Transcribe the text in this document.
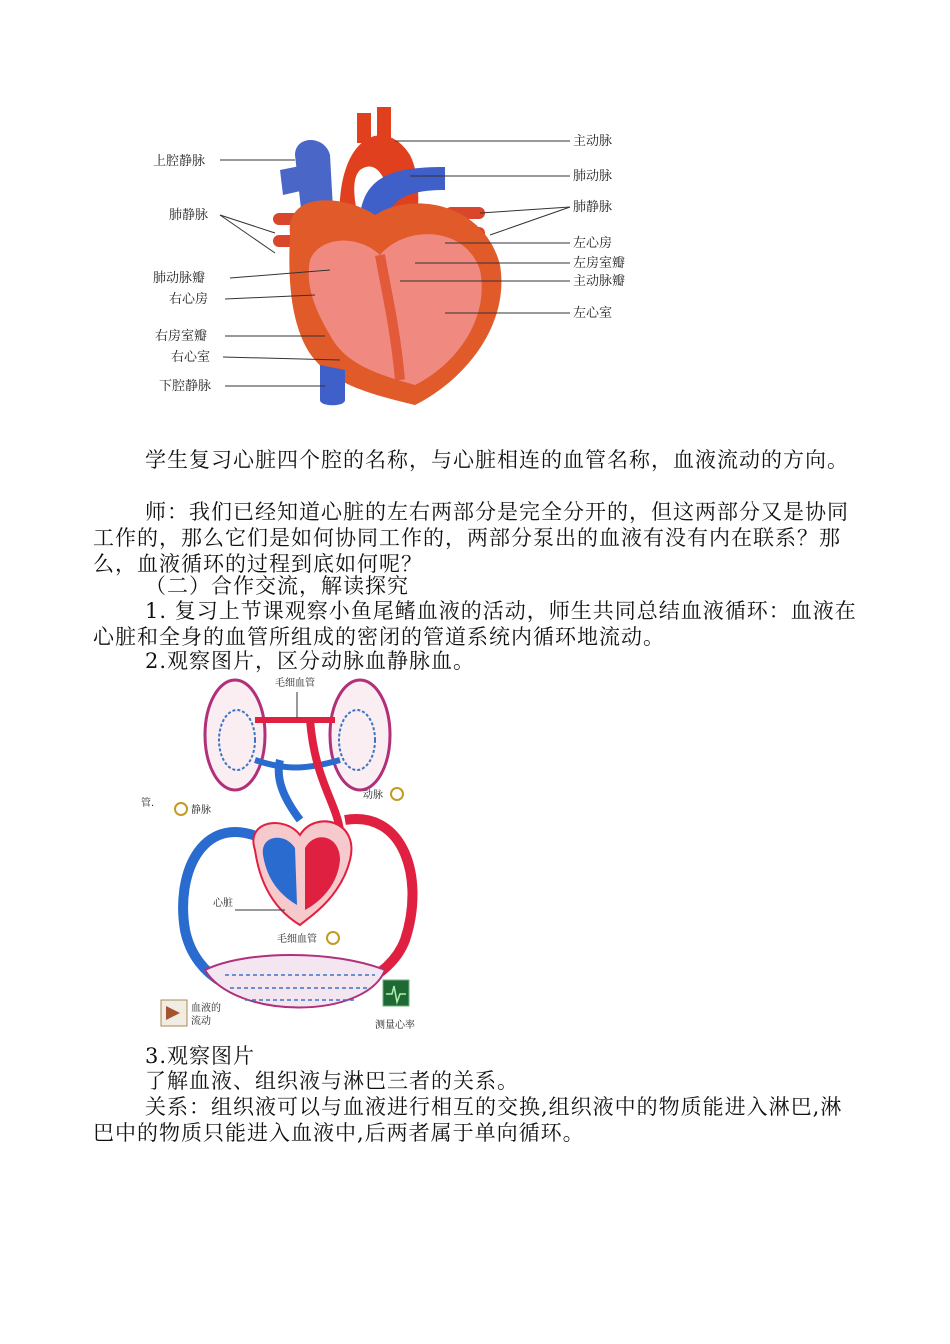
上腔静脉
肺静脉
肺动脉瓣
右心房
右房室瓣
右心室
下腔静脉
主动脉
肺动脉
肺静脉
左心房
左房室瓣
主动脉瓣
左心室

学生复习心脏四个腔的名称，与心脏相连的血管名称，血液流动的方向。

师：我们已经知道心脏的左右两部分是完全分开的，但这两部分又是协同工作的，那么它们是如何协同工作的，两部分泵出的血液有没有内在联系？那么，血液循环的过程到底如何呢？

（二）合作交流，解读探究

1. 复习上节课观察小鱼尾鳍血液的活动，师生共同总结血液循环：血液在心脏和全身的血管所组成的密闭的管道系统内循环地流动。

2.观察图片，区分动脉血静脉血。

毛细血管
静脉
动脉
心脏
毛细血管
管.
血液的
流动	测量心率

3.观察图片

了解血液、组织液与淋巴三者的关系。

关系：组织液可以与血液进行相互的交换,组织液中的物质能进入淋巴,淋巴中的物质只能进入血液中,后两者属于单向循环。
